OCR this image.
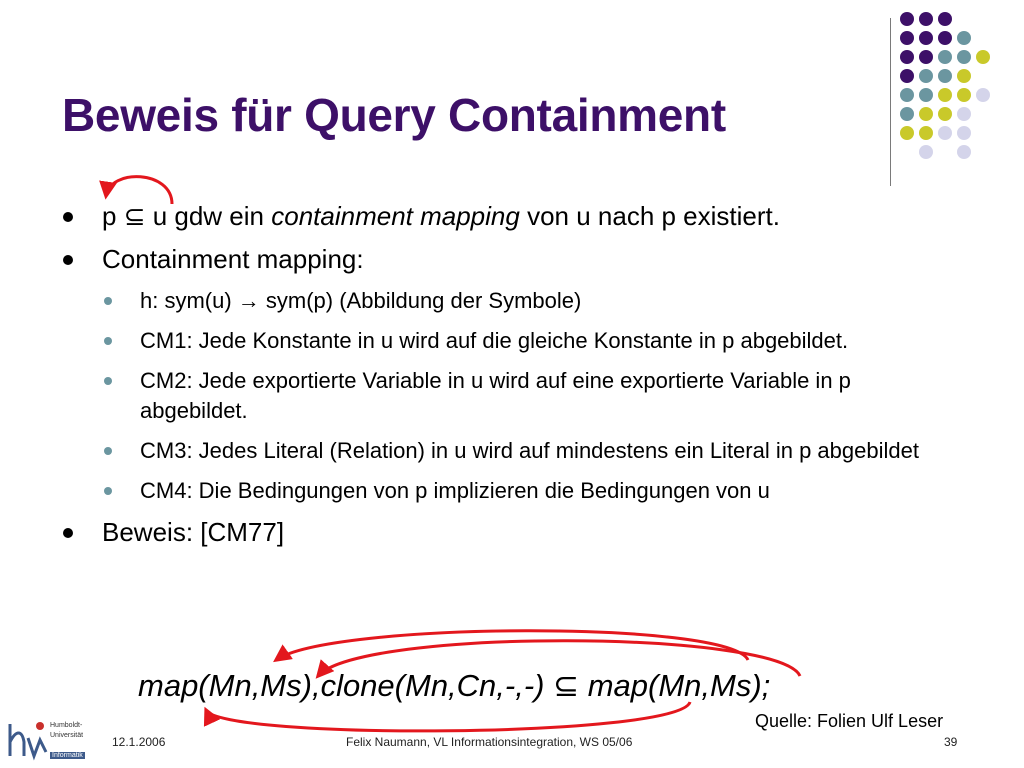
Beweis für Query Containment
p ⊆ u gdw ein containment mapping von u nach p existiert.
Containment mapping:
h: sym(u) → sym(p) (Abbildung der Symbole)
CM1: Jede Konstante in u wird auf die gleiche Konstante in p abgebildet.
CM2: Jede exportierte Variable in u wird auf eine exportierte Variable in p abgebildet.
CM3: Jedes Literal (Relation) in u wird auf mindestens ein Literal in p abgebildet
CM4: Die Bedingungen von p implizieren die Bedingungen von u
Beweis: [CM77]
map(Mn,Ms),clone(Mn,Cn,-,-) ⊆ map(Mn,Ms);
Quelle: Folien Ulf Leser
Humboldt-
Universität
Informatik
12.1.2006	Felix Naumann, VL Informationsintegration, WS 05/06	39
